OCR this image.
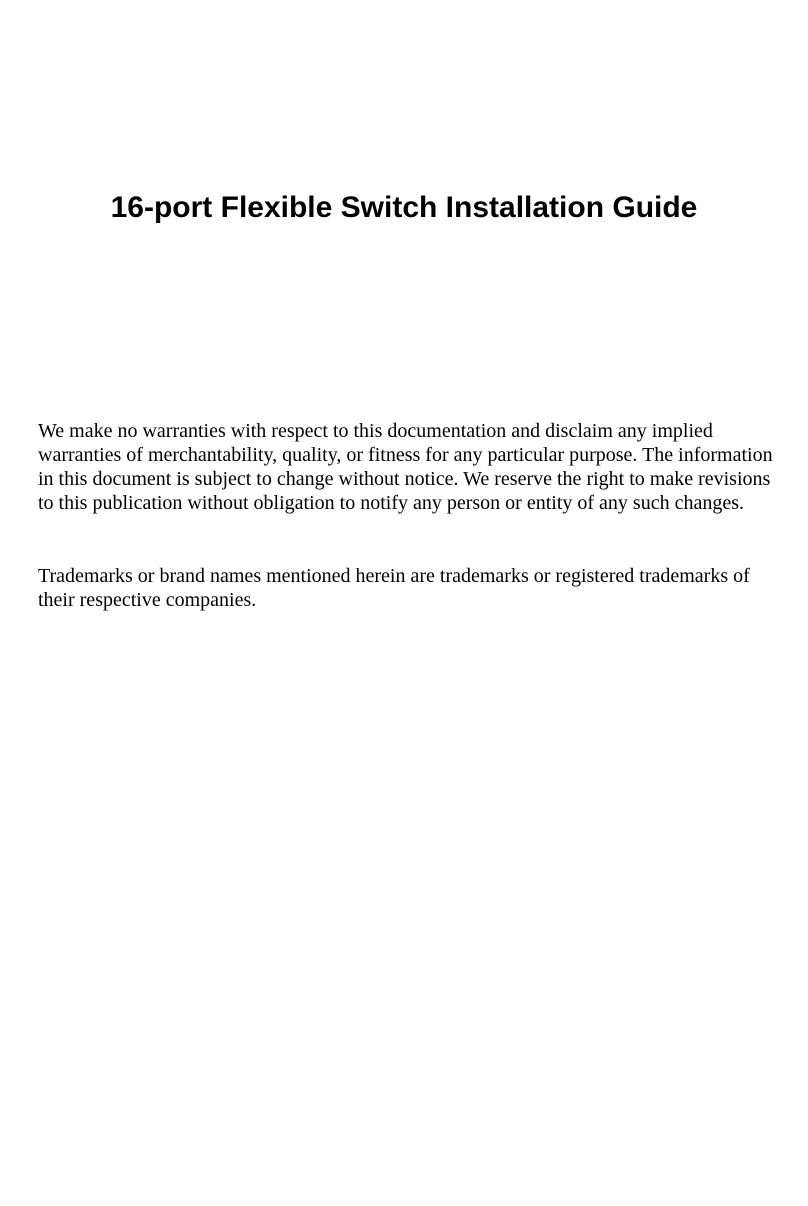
16-port Flexible Switch Installation Guide

We make no warranties with respect to this documentation and disclaim any implied warranties of merchantability, quality, or fitness for any particular purpose. The information in this document is subject to change without notice. We reserve the right to make revisions to this publication without obligation to notify any person or entity of any such changes.

Trademarks or brand names mentioned herein are trademarks or registered trademarks of their respective companies.
